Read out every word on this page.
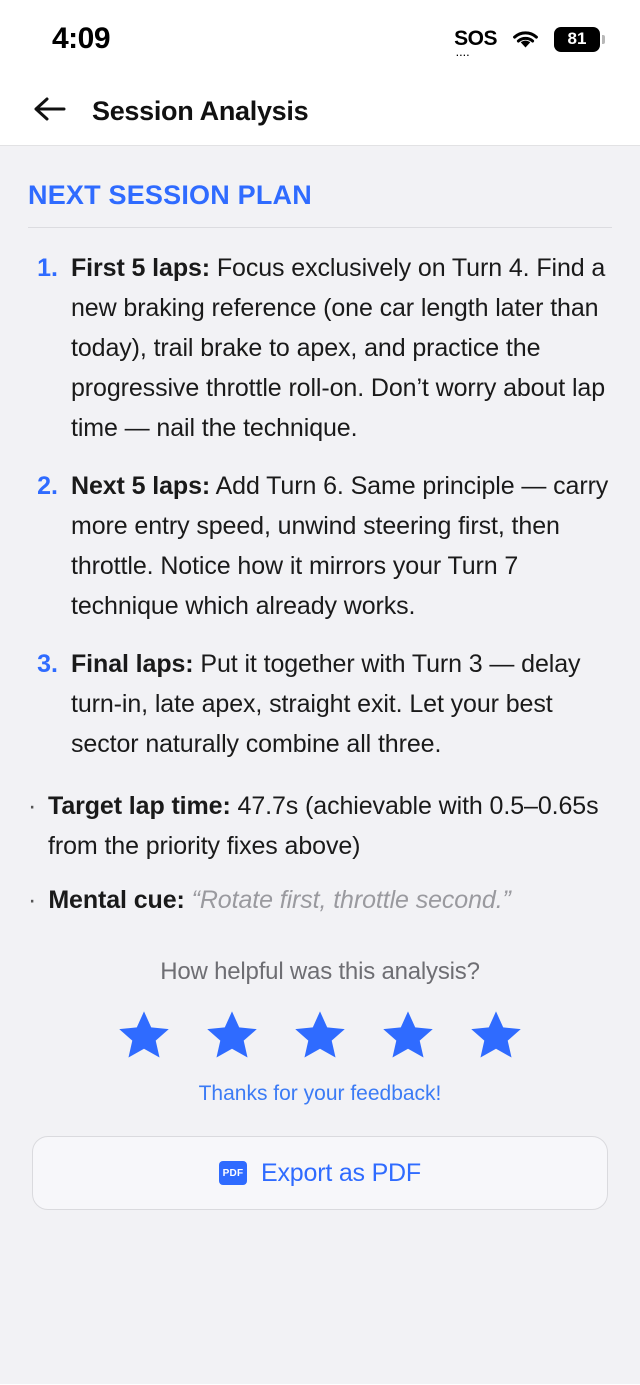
4:09	SOS
....
81
Session Analysis
NEXT SESSION PLAN
1. First 5 laps: Focus exclusively on Turn 4. Find a new braking reference (one car length later than today), trail brake to apex, and practice the progressive throttle roll-on. Don’t worry about lap time — nail the technique.
2. Next 5 laps: Add Turn 6. Same principle — carry more entry speed, unwind steering first, then throttle. Notice how it mirrors your Turn 7 technique which already works.
3. Final laps: Put it together with Turn 3 — delay turn-in, late apex, straight exit. Let your best sector naturally combine all three.
· Target lap time: 47.7s (achievable with 0.5–0.65s from the priority fixes above)
· Mental cue: “Rotate first, throttle second.”
How helpful was this analysis?
Thanks for your feedback!
PDF Export as PDF
